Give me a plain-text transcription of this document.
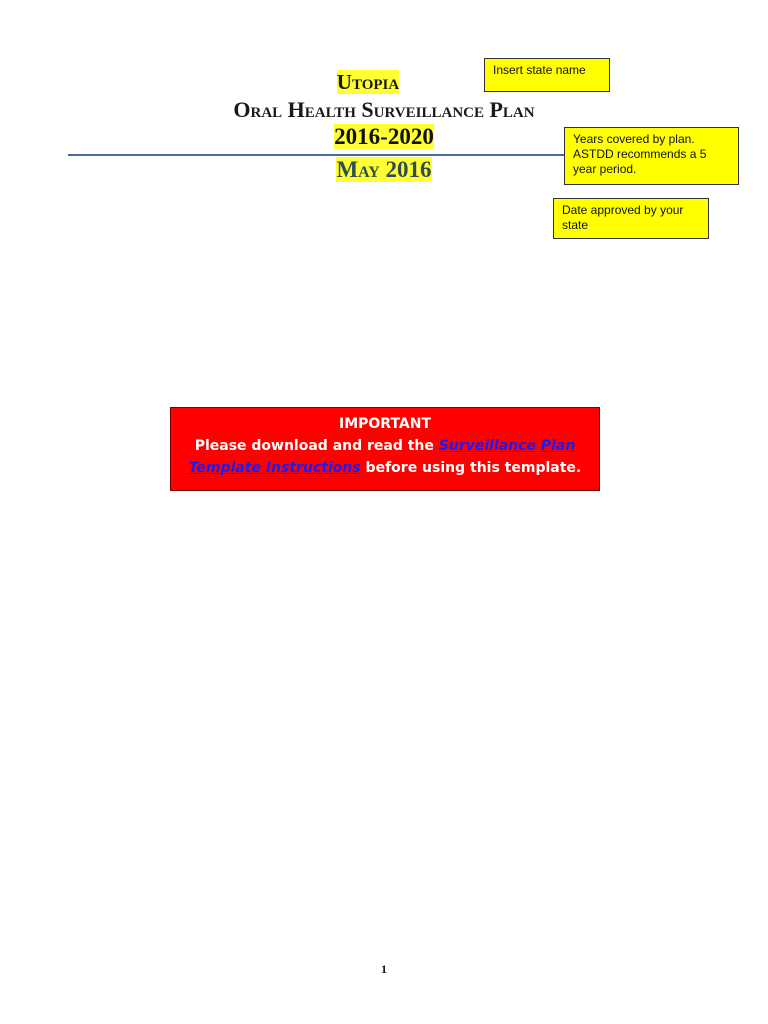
Utopia
Oral Health Surveillance Plan
2016-2020
May 2016
Insert state name
Years covered by plan. ASTDD recommends a 5 year period.
Date approved by your state
IMPORTANT
Please download and read the Surveillance Plan Template Instructions before using this template.
1
